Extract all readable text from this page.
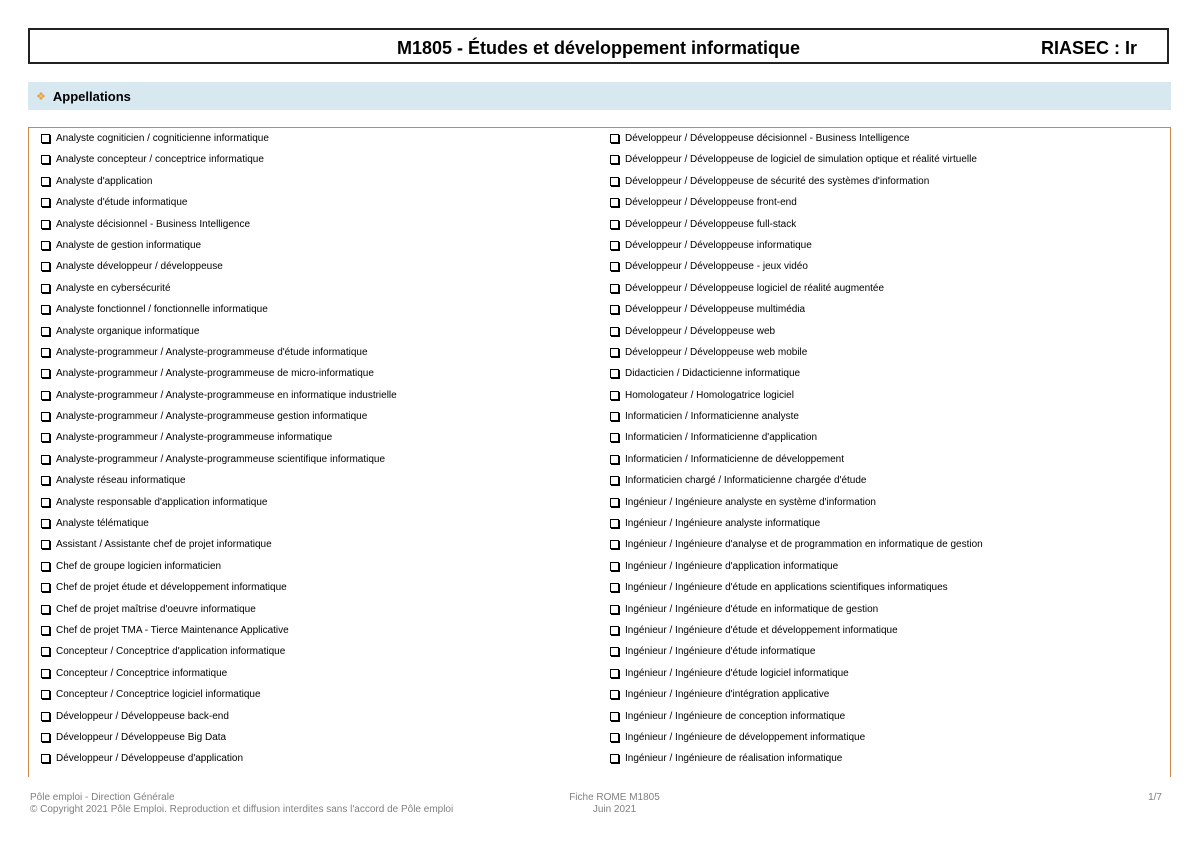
M1805 - Études et développement informatique	RIASEC : Ir
❖ Appellations
Analyste cogniticien / cogniticienne informatique
Analyste concepteur / conceptrice informatique
Analyste d'application
Analyste d'étude informatique
Analyste décisionnel - Business Intelligence
Analyste de gestion informatique
Analyste développeur / développeuse
Analyste en cybersécurité
Analyste fonctionnel / fonctionnelle informatique
Analyste organique informatique
Analyste-programmeur / Analyste-programmeuse d'étude informatique
Analyste-programmeur / Analyste-programmeuse de micro-informatique
Analyste-programmeur / Analyste-programmeuse en informatique industrielle
Analyste-programmeur / Analyste-programmeuse gestion informatique
Analyste-programmeur / Analyste-programmeuse informatique
Analyste-programmeur / Analyste-programmeuse scientifique informatique
Analyste réseau informatique
Analyste responsable d'application informatique
Analyste télématique
Assistant / Assistante chef de projet informatique
Chef de groupe logicien informaticien
Chef de projet étude et développement informatique
Chef de projet maîtrise d'oeuvre informatique
Chef de projet TMA - Tierce Maintenance Applicative
Concepteur / Conceptrice d'application informatique
Concepteur / Conceptrice informatique
Concepteur / Conceptrice logiciel informatique
Développeur / Développeuse back-end
Développeur / Développeuse Big Data
Développeur / Développeuse d'application
Développeur / Développeuse décisionnel - Business Intelligence
Développeur / Développeuse de logiciel de simulation optique et réalité virtuelle
Développeur / Développeuse de sécurité des systèmes d'information
Développeur / Développeuse front-end
Développeur / Développeuse full-stack
Développeur / Développeuse informatique
Développeur / Développeuse - jeux vidéo
Développeur / Développeuse logiciel de réalité augmentée
Développeur / Développeuse multimédia
Développeur / Développeuse web
Développeur / Développeuse web mobile
Didacticien / Didacticienne informatique
Homologateur / Homologatrice logiciel
Informaticien / Informaticienne analyste
Informaticien / Informaticienne d'application
Informaticien / Informaticienne de développement
Informaticien chargé / Informaticienne chargée d'étude
Ingénieur / Ingénieure analyste en système d'information
Ingénieur / Ingénieure analyste informatique
Ingénieur / Ingénieure d'analyse et de programmation en informatique de gestion
Ingénieur / Ingénieure d'application informatique
Ingénieur / Ingénieure d'étude en applications scientifiques informatiques
Ingénieur / Ingénieure d'étude en informatique de gestion
Ingénieur / Ingénieure d'étude et développement informatique
Ingénieur / Ingénieure d'étude informatique
Ingénieur / Ingénieure d'étude logiciel informatique
Ingénieur / Ingénieure d'intégration applicative
Ingénieur / Ingénieure de conception informatique
Ingénieur / Ingénieure de développement informatique
Ingénieur / Ingénieure de réalisation informatique
Pôle emploi - Direction Générale
© Copyright 2021 Pôle Emploi. Reproduction et diffusion interdites sans l'accord de Pôle emploi
Fiche ROME M1805
Juin 2021
1/7
